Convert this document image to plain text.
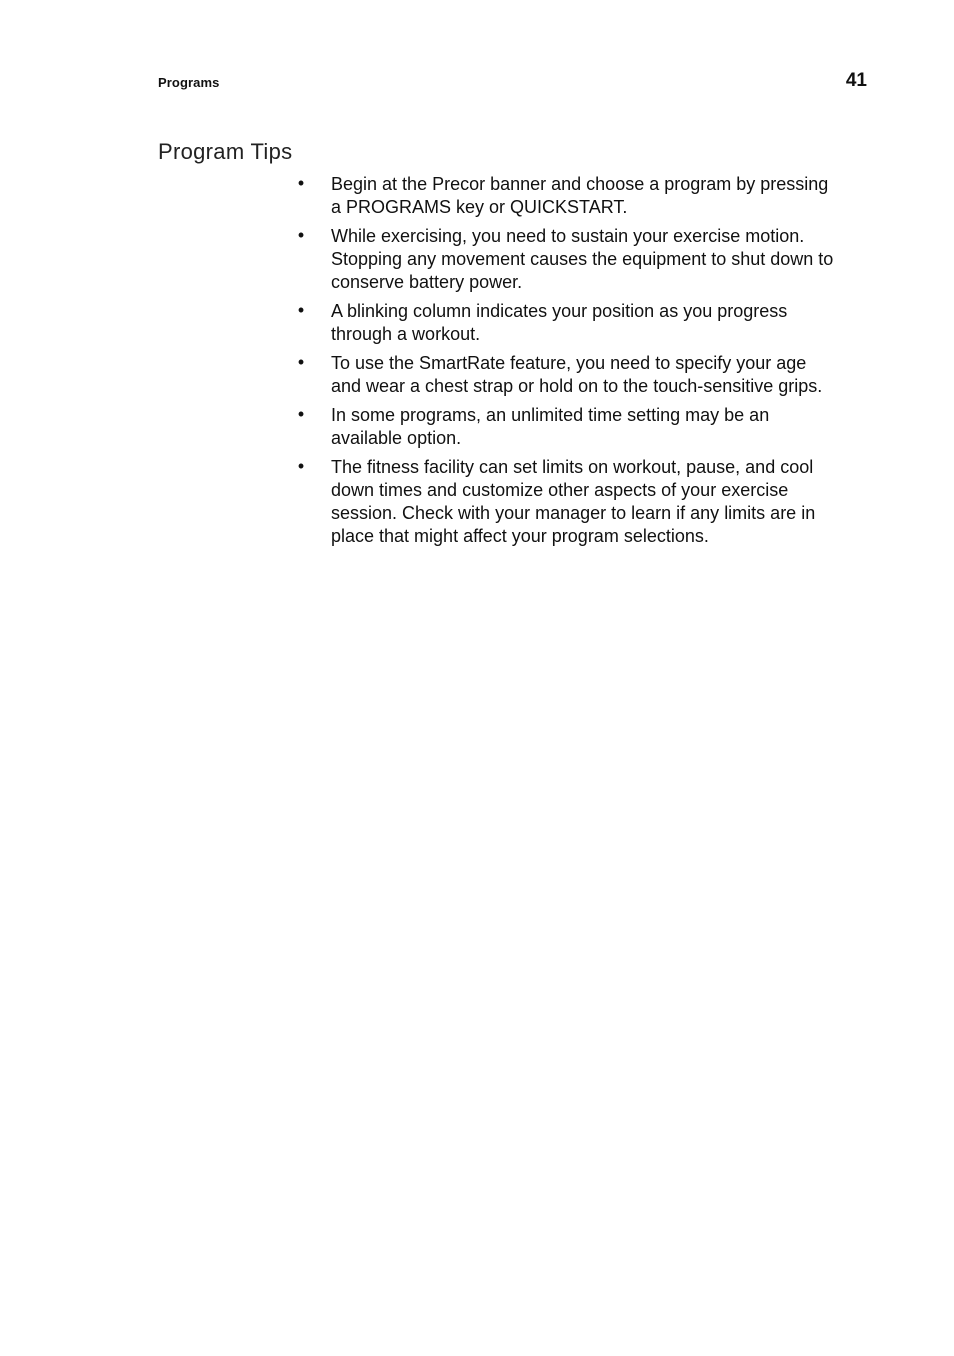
Programs	41
Program Tips
• Begin at the Precor banner and choose a program by pressing a PROGRAMS key or QUICKSTART.
• While exercising, you need to sustain your exercise motion. Stopping any movement causes the equipment to shut down to conserve battery power.
• A blinking column indicates your position as you progress through a workout.
• To use the SmartRate feature, you need to specify your age and wear a chest strap or hold on to the touch-sensitive grips.
• In some programs, an unlimited time setting may be an available option.
• The fitness facility can set limits on workout, pause, and cool down times and customize other aspects of your exercise session. Check with your manager to learn if any limits are in place that might affect your program selections.
